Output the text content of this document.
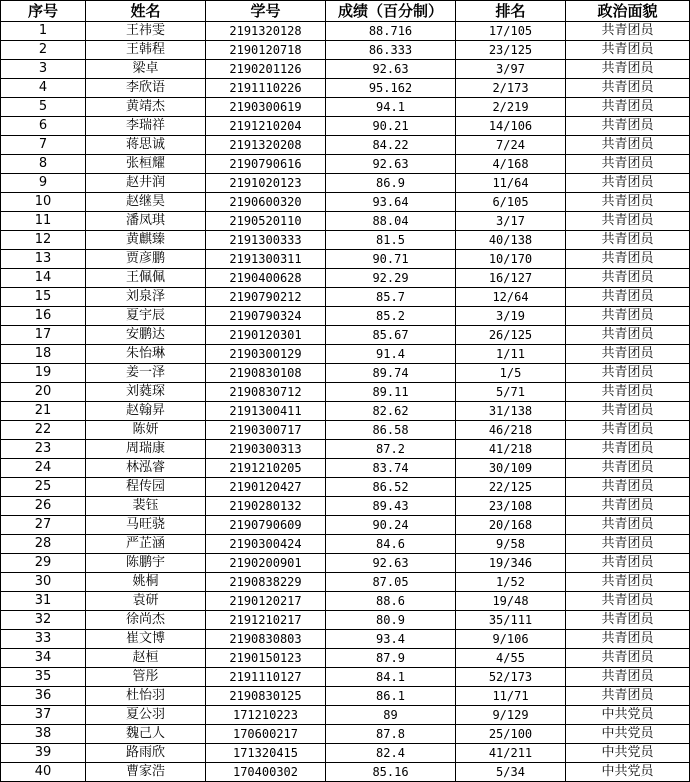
序号	姓名	学号	成绩（百分制）	排名	政治面貌
1	王祎雯	2191320128	88.716	17/105	共青团员
2	王韩程	2190120718	86.333	23/125	共青团员
3	梁卓	2190201126	92.63	3/97	共青团员
4	李欣语	2191110226	95.162	2/173	共青团员
5	黄靖杰	2190300619	94.1	2/219	共青团员
6	李瑞祥	2191210204	90.21	14/106	共青团员
7	蒋思诚	2191320208	84.22	7/24	共青团员
8	张桓耀	2190790616	92.63	4/168	共青团员
9	赵井润	2191020123	86.9	11/64	共青团员
10	赵继昊	2190600320	93.64	6/105	共青团员
11	潘凤琪	2190520110	88.04	3/17	共青团员
12	黄麒臻	2191300333	81.5	40/138	共青团员
13	贾彦鹏	2191300311	90.71	10/170	共青团员
14	王佩佩	2190400628	92.29	16/127	共青团员
15	刘泉泽	2190790212	85.7	12/64	共青团员
16	夏宇辰	2190790324	85.2	3/19	共青团员
17	安鹏达	2190120301	85.67	26/125	共青团员
18	朱怡琳	2190300129	91.4	1/11	共青团员
19	姜一泽	2190830108	89.74	1/5	共青团员
20	刘蕤琛	2190830712	89.11	5/71	共青团员
21	赵翰昇	2191300411	82.62	31/138	共青团员
22	陈妍	2190300717	86.58	46/218	共青团员
23	周瑞康	2190300313	87.2	41/218	共青团员
24	林泓睿	2191210205	83.74	30/109	共青团员
25	程传园	2190120427	86.52	22/125	共青团员
26	裴钰	2190280132	89.43	23/108	共青团员
27	马旺骁	2190790609	90.24	20/168	共青团员
28	严芷涵	2190300424	84.6	9/58	共青团员
29	陈鹏宇	2190200901	92.63	19/346	共青团员
30	姚桐	2190838229	87.05	1/52	共青团员
31	袁研	2190120217	88.6	19/48	共青团员
32	徐尚杰	2191210217	80.9	35/111	共青团员
33	崔文博	2190830803	93.4	9/106	共青团员
34	赵桓	2190150123	87.9	4/55	共青团员
35	管彤	2191110127	84.1	52/173	共青团员
36	杜怡羽	2190830125	86.1	11/71	共青团员
37	夏公羽	171210223	89	9/129	中共党员
38	魏己人	170600217	87.8	25/100	中共党员
39	路雨欣	171320415	82.4	41/211	中共党员
40	曹家浩	170400302	85.16	5/34	中共党员
